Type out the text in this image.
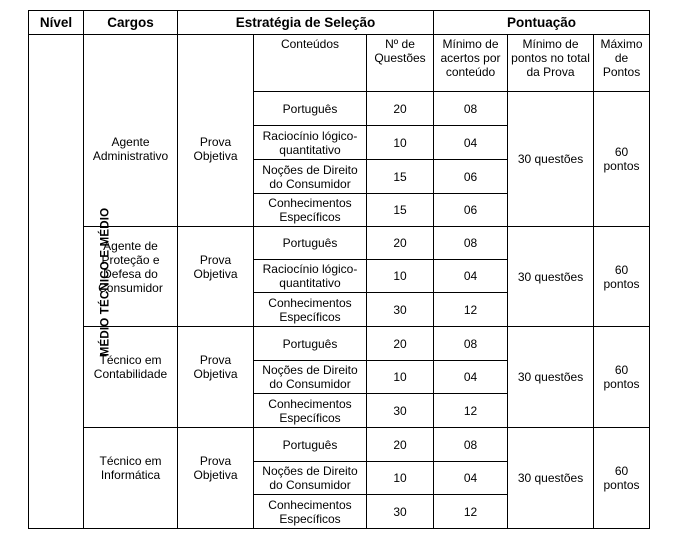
Nível	Cargos	Estratégia de Seleção			Pontuação		
MÉDIO TÉCNICO E MÉDIO			Conteúdos	Nº de Questões	Mínimo de acertos por conteúdo	Mínimo de pontos no total da Prova	Máximo de Pontos
	Agente Administrativo	Prova Objetiva	Português	20	08	30 questões	60 pontos
			Raciocínio lógico-quantitativo	10	04		
			Noções de Direito do Consumidor	15	06		
			Conhecimentos Específicos	15	06		
	Agente de Proteção e Defesa do Consumidor	Prova Objetiva	Português	20	08	30 questões	60 pontos
			Raciocínio lógico-quantitativo	10	04		
			Conhecimentos Específicos	30	12		
	Técnico em Contabilidade	Prova Objetiva	Português	20	08	30 questões	60 pontos
			Noções de Direito do Consumidor	10	04		
			Conhecimentos Específicos	30	12		
	Técnico em Informática	Prova Objetiva	Português	20	08	30 questões	60 pontos
			Noções de Direito do Consumidor	10	04		
			Conhecimentos Específicos	30	12		
